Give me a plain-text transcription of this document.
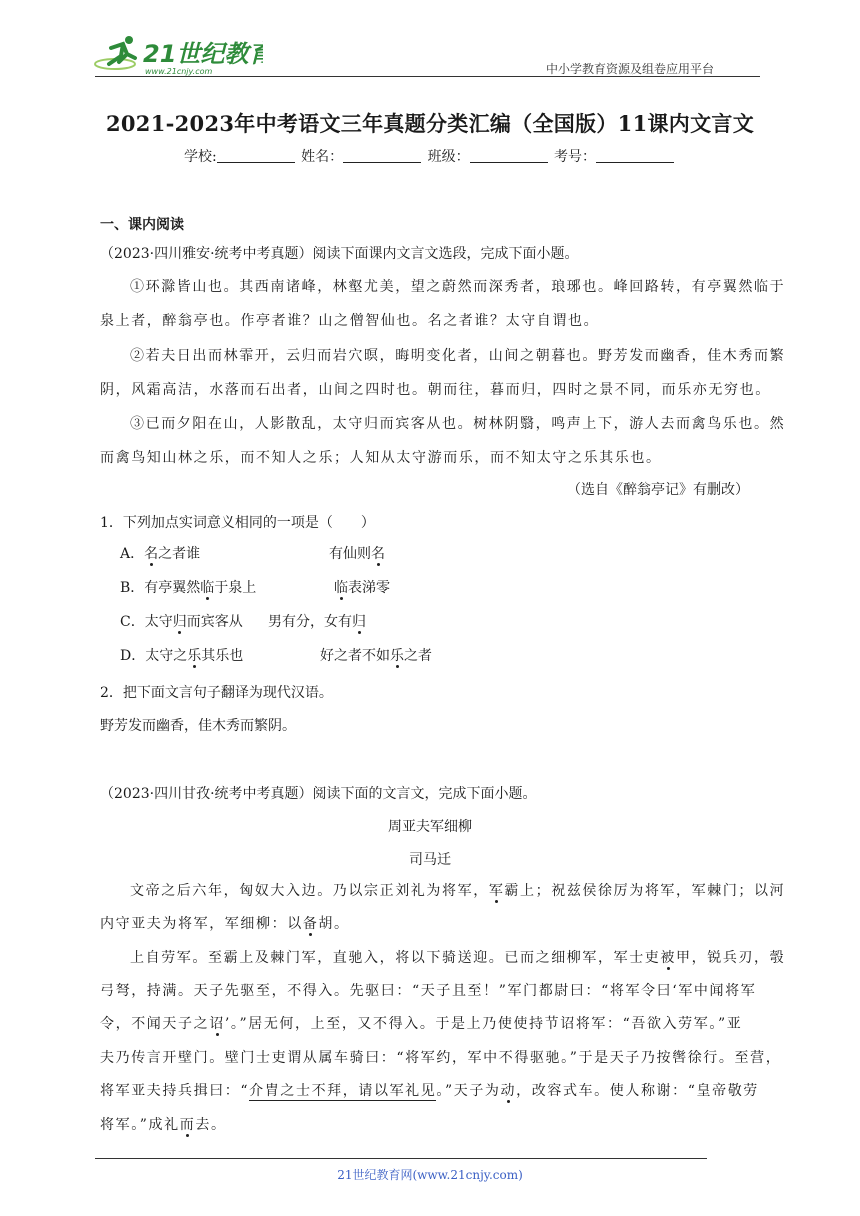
21世纪教育
www.21cnjy.com	中小学教育资源及组卷应用平台
2021-2023年中考语文三年真题分类汇编（全国版）11课内文言文
学校:	姓名：	班级：	考号：
一、课内阅读
（2023·四川雅安·统考中考真题）阅读下面课内文言文选段，完成下面小题。
①环滁皆山也。其西南诸峰，林壑尤美，望之蔚然而深秀者，琅琊也。峰回路转，有亭翼然临于
泉上者，醉翁亭也。作亭者谁？山之僧智仙也。名之者谁？太守自谓也。
②若夫日出而林霏开，云归而岩穴暝，晦明变化者，山间之朝暮也。野芳发而幽香，佳木秀而繁
阴，风霜高洁，水落而石出者，山间之四时也。朝而往，暮而归，四时之景不同，而乐亦无穷也。
③已而夕阳在山，人影散乱，太守归而宾客从也。树林阴翳，鸣声上下，游人去而禽鸟乐也。然
而禽鸟知山林之乐，而不知人之乐；人知从太守游而乐，而不知太守之乐其乐也。
（选自《醉翁亭记》有删改）
1．下列加点实词意义相同的一项是（　　）
A．名之者谁	有仙则名
B．有亭翼然临于泉上	临表涕零
C．太守归而宾客从 男有分，女有归
D．太守之乐其乐也	好之者不如乐之者
2．把下面文言句子翻译为现代汉语。
野芳发而幽香，佳木秀而繁阴。
（2023·四川甘孜·统考中考真题）阅读下面的文言文，完成下面小题。
周亚夫军细柳
司马迁
文帝之后六年，匈奴大入边。乃以宗正刘礼为将军，军霸上；祝兹侯徐厉为将军，军棘门；以河
内守亚夫为将军，军细柳：以备胡。
上自劳军。至霸上及棘门军，直驰入，将以下骑送迎。已而之细柳军，军士吏被甲，锐兵刃，彀
弓弩，持满。天子先驱至，不得入。先驱曰：“天子且至！”军门都尉曰：“将军令曰‘军中闻将军
令，不闻天子之诏’。”居无何，上至，又不得入。于是上乃使使持节诏将军：“吾欲入劳军。”亚
夫乃传言开壁门。壁门士吏谓从属车骑曰：“将军约，军中不得驱驰。”于是天子乃按辔徐行。至营，
将军亚夫持兵揖曰：“介胄之士不拜，请以军礼见。”天子为动，改容式车。使人称谢：“皇帝敬劳
将军。”成礼而去。
21世纪教育网(www.21cnjy.com)
